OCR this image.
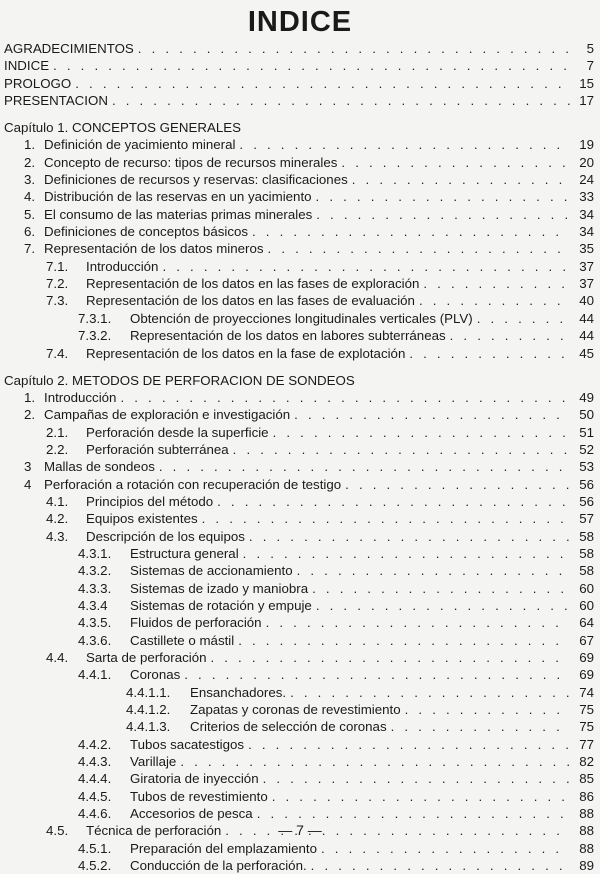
INDICE
AGRADECIMIENTOS . . .	5
INDICE . . .	7
PROLOGO . . .	15
PRESENTACION . . .	17
Capítulo 1. CONCEPTOS GENERALES
1. Definición de yacimiento mineral . . .	19
2. Concepto de recurso: tipos de recursos minerales . . .	20
3. Definiciones de recursos y reservas: clasificaciones . . .	24
4. Distribución de las reservas en un yacimiento . . .	33
5. El consumo de las materias primas minerales . . .	34
6. Definiciones de conceptos básicos . . .	34
7. Representación de los datos mineros . . .	35
7.1.	Introducción . . .	37
7.2.	Representación de los datos en las fases de exploración . . .	37
7.3.	Representación de los datos en las fases de evaluación . . .	40
7.3.1.	Obtención de proyecciones longitudinales verticales (PLV) . . .	44
7.3.2.	Representación de los datos en labores subterráneas . . .	44
7.4.	Representación de los datos en la fase de explotación . . .	45
Capítulo 2. METODOS DE PERFORACION DE SONDEOS
1. Introducción . . .	49
2. Campañas de exploración e investigación . . .	50
2.1.	Perforación desde la superficie . . .	51
2.2.	Perforación subterránea . . .	52
3 Mallas de sondeos . . .	53
4 Perforación a rotación con recuperación de testigo . . .	56
4.1.	Principios del método . . .	56
4.2.	Equipos existentes . . .	57
4.3.	Descripción de los equipos . . .	58
4.3.1.	Estructura general . . .	58
4.3.2.	Sistemas de accionamiento . . .	58
4.3.3.	Sistemas de izado y maniobra . . .	60
4.3.4	Sistemas de rotación y empuje . . .	60
4.3.5.	Fluidos de perforación . . .	64
4.3.6.	Castillete o mástil . . .	67
4.4.	Sarta de perforación . . .	69
4.4.1.	Coronas . . .	69
4.4.1.1.	Ensanchadores. . . .	74
4.4.1.2.	Zapatas y coronas de revestimiento . . .	75
4.4.1.3.	Criterios de selección de coronas . . .	75
4.4.2.	Tubos sacatestigos . . .	77
4.4.3.	Varillaje . . .	82
4.4.4.	Giratoria de inyección . . .	85
4.4.5.	Tubos de revestimiento . . .	86
4.4.6.	Accesorios de pesca . . .	88
4.5.	Técnica de perforación . . .	88
4.5.1.	Preparación del emplazamiento . . .	88
4.5.2.	Conducción de la perforación. . . .	89
— 7 —
